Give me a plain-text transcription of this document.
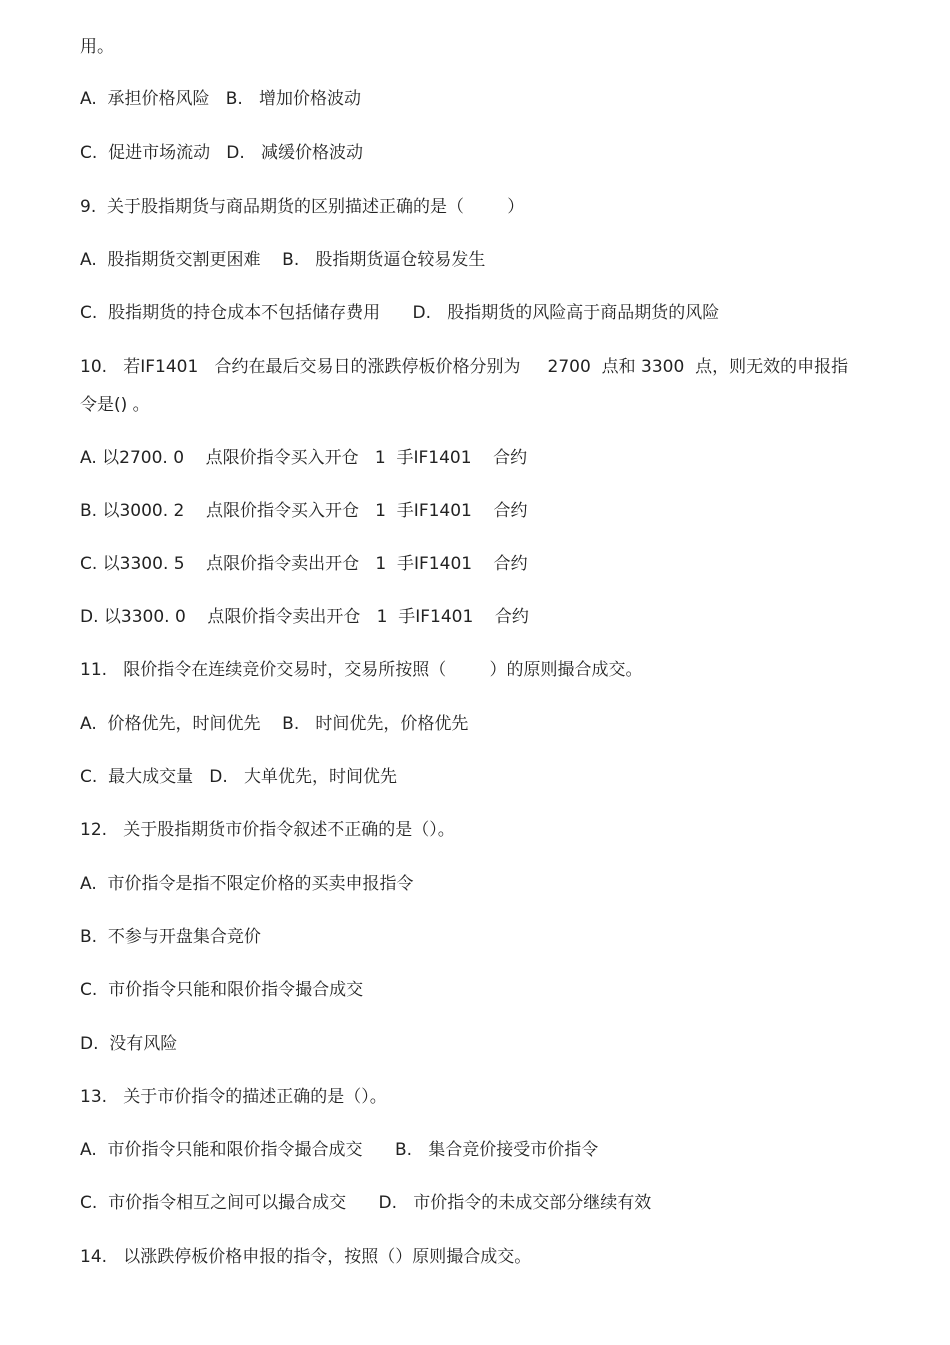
用。
A.  承担价格风险   B.   增加价格波动
C.  促进市场流动   D.   减缓价格波动
9.  关于股指期货与商品期货的区别描述正确的是（        ）
A.  股指期货交割更困难    B.   股指期货逼仓较易发生
C.  股指期货的持仓成本不包括储存费用      D.   股指期货的风险高于商品期货的风险
10.   若IF1401   合约在最后交易日的涨跌停板价格分别为     2700  点和 3300  点，则无效的申报指
令是() 。
A. 以2700. 0    点限价指令买入开仓   1  手IF1401    合约
B. 以3000. 2    点限价指令买入开仓   1  手IF1401    合约
C. 以3300. 5    点限价指令卖出开仓   1  手IF1401    合约
D. 以3300. 0    点限价指令卖出开仓   1  手IF1401    合约
11.   限价指令在连续竞价交易时，交易所按照（        ）的原则撮合成交。
A.  价格优先，时间优先    B.   时间优先，价格优先
C.  最大成交量   D.   大单优先，时间优先
12.   关于股指期货市价指令叙述不正确的是（）。
A.  市价指令是指不限定价格的买卖申报指令
B.  不参与开盘集合竞价
C.  市价指令只能和限价指令撮合成交
D.  没有风险
13.   关于市价指令的描述正确的是（）。
A.  市价指令只能和限价指令撮合成交      B.   集合竞价接受市价指令
C.  市价指令相互之间可以撮合成交      D.   市价指令的未成交部分继续有效
14.   以涨跌停板价格申报的指令，按照（）原则撮合成交。
